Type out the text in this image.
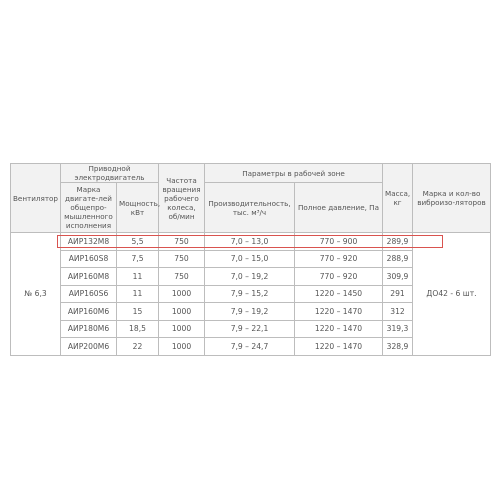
Вентилятор	Приводной электродвигатель		Частота вращения рабочего колеса, об/мин	Параметры в рабочей зоне		Масса, кг	Марка и кол-во виброизо-ляторов
	Марка двигате-лей общепро-мышленного исполнения	Мощность, кВт		Производительность, тыс. м³/ч	Полное давление, Па		
№ 6,3	АИР132М8	5,5	750	7,0 – 13,0	770 – 900	289,9	ДО42 - 6 шт.
	АИР160S8	7,5	750	7,0 – 15,0	770 – 920	288,9	
	АИР160М8	11	750	7,0 – 19,2	770 – 920	309,9	
	АИР160S6	11	1000	7,9 – 15,2	1220 – 1450	291	
	АИР160М6	15	1000	7,9 – 19,2	1220 – 1470	312	
	АИР180М6	18,5	1000	7,9 – 22,1	1220 – 1470	319,3	
	АИР200М6	22	1000	7,9 – 24,7	1220 – 1470	328,9	
